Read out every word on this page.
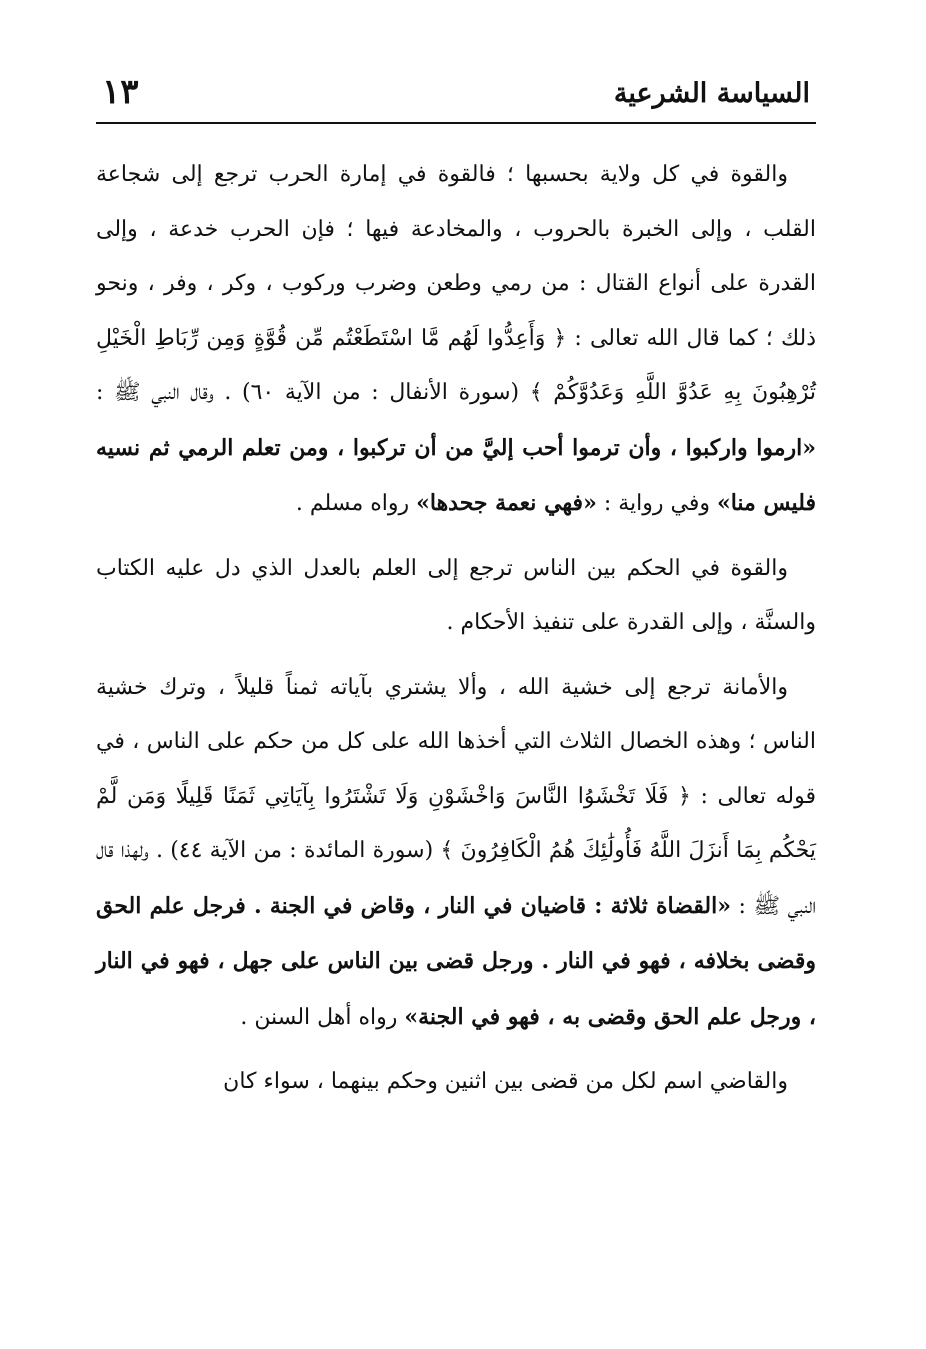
السياسة الشرعية
١٣

والقوة في كل ولاية بحسبها ؛ فالقوة في إمارة الحرب ترجع إلى شجاعة القلب ، وإلى الخبرة بالحروب ، والمخادعة فيها ؛ فإن الحرب خدعة ، وإلى القدرة على أنواع القتال : من رمي وطعن وضرب وركوب ، وكر ، وفر ، ونحو ذلك ؛ كما قال الله تعالى : ﴿ وَأَعِدُّوا لَهُم مَّا اسْتَطَعْتُم مِّن قُوَّةٍ وَمِن رِّبَاطِ الْخَيْلِ تُرْهِبُونَ بِهِ عَدُوَّ اللَّهِ وَعَدُوَّكُمْ ﴾ (سورة الأنفال : من الآية ٦٠) . وقال النبي ﷺ : «ارموا واركبوا ، وأن ترموا أحب إليَّ من أن تركبوا ، ومن تعلم الرمي ثم نسيه فليس منا» وفي رواية : «فهي نعمة جحدها» رواه مسلم .

والقوة في الحكم بين الناس ترجع إلى العلم بالعدل الذي دل عليه الكتاب والسنَّة ، وإلى القدرة على تنفيذ الأحكام .

والأمانة ترجع إلى خشية الله ، وألا يشتري بآياته ثمناً قليلاً ، وترك خشية الناس ؛ وهذه الخصال الثلاث التي أخذها الله على كل من حكم على الناس ، في قوله تعالى : ﴿ فَلَا تَخْشَوُا النَّاسَ وَاخْشَوْنِ وَلَا تَشْتَرُوا بِآيَاتِي ثَمَنًا قَلِيلًا وَمَن لَّمْ يَحْكُم بِمَا أَنزَلَ اللَّهُ فَأُولَٰئِكَ هُمُ الْكَافِرُونَ ﴾ (سورة المائدة : من الآية ٤٤) . ولهذا قال النبي ﷺ : «القضاة ثلاثة : قاضيان في النار ، وقاض في الجنة . فرجل علم الحق وقضى بخلافه ، فهو في النار . ورجل قضى بين الناس على جهل ، فهو في النار ، ورجل علم الحق وقضى به ، فهو في الجنة» رواه أهل السنن .

والقاضي اسم لكل من قضى بين اثنين وحكم بينهما ، سواء كان
